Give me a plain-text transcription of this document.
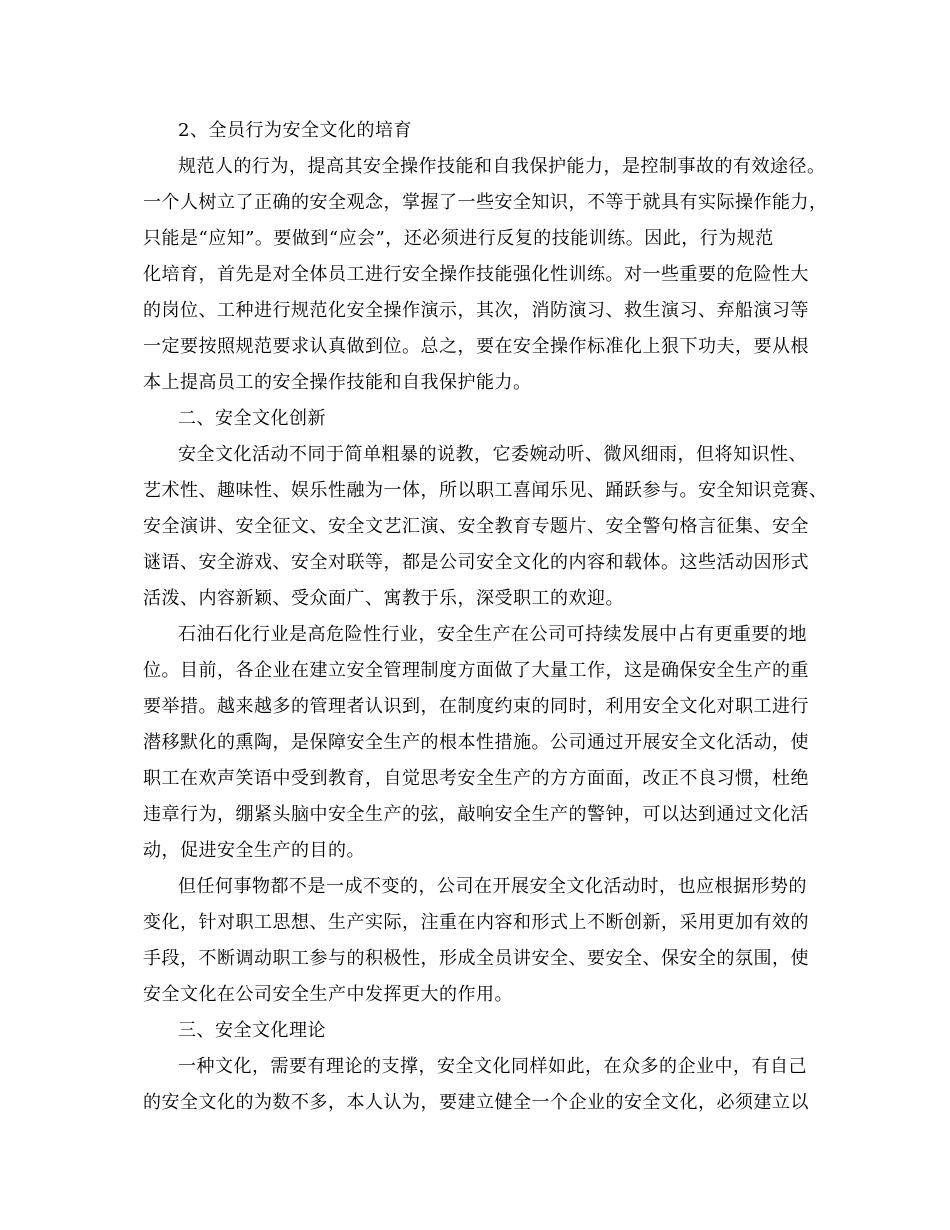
2、全员行为安全文化的培育
规范人的行为，提高其安全操作技能和自我保护能力，是控制事故的有效途径。
一个人树立了正确的安全观念，掌握了一些安全知识，不等于就具有实际操作能力，
只能是“应知”。要做到“应会”，还必须进行反复的技能训练。因此，行为规范
化培育，首先是对全体员工进行安全操作技能强化性训练。对一些重要的危险性大
的岗位、工种进行规范化安全操作演示，其次，消防演习、救生演习、弃船演习等
一定要按照规范要求认真做到位。总之，要在安全操作标准化上狠下功夫，要从根
本上提高员工的安全操作技能和自我保护能力。
二、安全文化创新
安全文化活动不同于简单粗暴的说教，它委婉动听、微风细雨，但将知识性、
艺术性、趣味性、娱乐性融为一体，所以职工喜闻乐见、踊跃参与。安全知识竞赛、
安全演讲、安全征文、安全文艺汇演、安全教育专题片、安全警句格言征集、安全
谜语、安全游戏、安全对联等，都是公司安全文化的内容和载体。这些活动因形式
活泼、内容新颖、受众面广、寓教于乐，深受职工的欢迎。
石油石化行业是高危险性行业，安全生产在公司可持续发展中占有更重要的地
位。目前，各企业在建立安全管理制度方面做了大量工作，这是确保安全生产的重
要举措。越来越多的管理者认识到，在制度约束的同时，利用安全文化对职工进行
潜移默化的熏陶，是保障安全生产的根本性措施。公司通过开展安全文化活动，使
职工在欢声笑语中受到教育，自觉思考安全生产的方方面面，改正不良习惯，杜绝
违章行为，绷紧头脑中安全生产的弦，敲响安全生产的警钟，可以达到通过文化活
动，促进安全生产的目的。
但任何事物都不是一成不变的，公司在开展安全文化活动时，也应根据形势的
变化，针对职工思想、生产实际，注重在内容和形式上不断创新，采用更加有效的
手段，不断调动职工参与的积极性，形成全员讲安全、要安全、保安全的氛围，使
安全文化在公司安全生产中发挥更大的作用。
三、安全文化理论
一种文化，需要有理论的支撑，安全文化同样如此，在众多的企业中，有自己
的安全文化的为数不多，本人认为，要建立健全一个企业的安全文化，必须建立以
